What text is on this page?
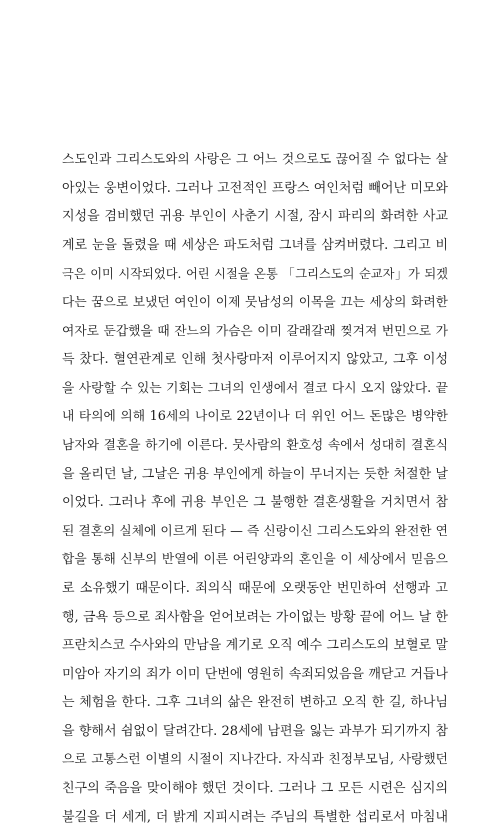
스도인과 그리스도와의 사랑은 그 어느 것으로도 끊어질 수 없다는 살
아있는 웅변이었다. 그러나 고전적인 프랑스 여인처럼 빼어난 미모와
지성을 겸비했던 귀용 부인이 사춘기 시절, 잠시 파리의 화려한 사교
계로 눈을 돌렸을 때 세상은 파도처럼 그녀를 삼켜버렸다. 그리고 비
극은 이미 시작되었다. 어린 시절을 온통 「그리스도의 순교자」가 되겠
다는 꿈으로 보냈던 여인이 이제 뭇남성의 이목을 끄는 세상의 화려한
여자로 둔갑했을 때 잔느의 가슴은 이미 갈래갈래 찢겨져 번민으로 가
득 찼다. 혈연관계로 인해 첫사랑마저 이루어지지 않았고, 그후 이성
을 사랑할 수 있는 기회는 그녀의 인생에서 결코 다시 오지 않았다. 끝
내 타의에 의해 16세의 나이로 22년이나 더 위인 어느 돈많은 병약한
남자와 결혼을 하기에 이른다. 뭇사람의 환호성 속에서 성대히 결혼식
을 올리던 날, 그날은 귀용 부인에게 하늘이 무너지는 듯한 처절한 날
이었다. 그러나 후에 귀용 부인은 그 불행한 결혼생활을 거치면서 참
된 결혼의 실체에 이르게 된다 — 즉 신랑이신 그리스도와의 완전한 연
합을 통해 신부의 반열에 이른 어린양과의 혼인을 이 세상에서 믿음으
로 소유했기 때문이다. 죄의식 때문에 오랫동안 번민하여 선행과 고
행, 금욕 등으로 죄사함을 얻어보려는 가이없는 방황 끝에 어느 날 한
프란치스코 수사와의 만남을 계기로 오직 예수 그리스도의 보혈로 말
미암아 자기의 죄가 이미 단번에 영원히 속죄되었음을 깨닫고 거듭나
는 체험을 한다. 그후 그녀의 삶은 완전히 변하고 오직 한 길, 하나님
을 향해서 쉼없이 달려간다. 28세에 남편을 잃는 과부가 되기까지 참
으로 고통스런 이별의 시절이 지나간다. 자식과 친정부모님, 사랑했던
친구의 죽음을 맞이해야 했던 것이다. 그러나 그 모든 시련은 심지의
불길을 더 세게, 더 밝게 지피시려는 주님의 특별한 섭리로서 마침내
